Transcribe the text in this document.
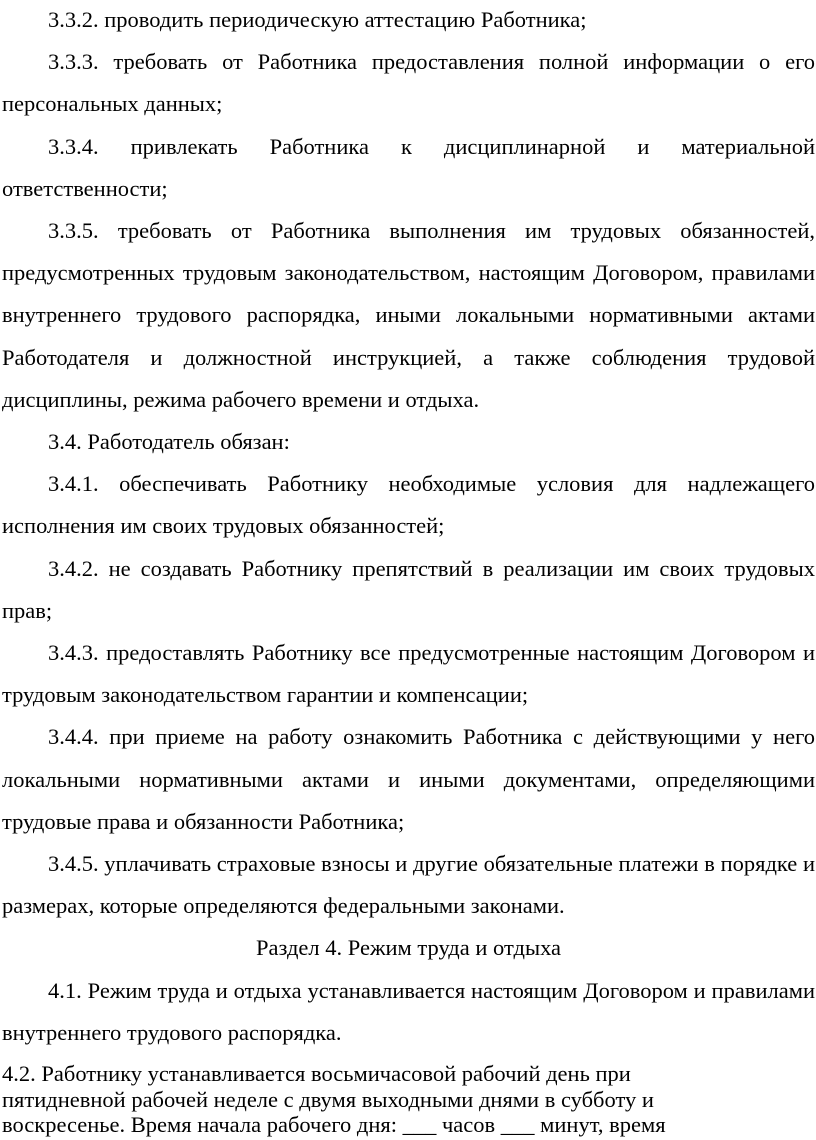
3.3.2. проводить периодическую аттестацию Работника;

3.3.3. требовать от Работника предоставления полной информации о его персональных данных;

3.3.4. привлекать Работника к дисциплинарной и материальной ответственности;

3.3.5. требовать от Работника выполнения им трудовых обязанностей, предусмотренных трудовым законодательством, настоящим Договором, правилами внутреннего трудового распорядка, иными локальными нормативными актами Работодателя и должностной инструкцией, а также соблюдения трудовой дисциплины, режима рабочего времени и отдыха.

3.4. Работодатель обязан:

3.4.1. обеспечивать Работнику необходимые условия для надлежащего исполнения им своих трудовых обязанностей;

3.4.2. не создавать Работнику препятствий в реализации им своих трудовых прав;

3.4.3. предоставлять Работнику все предусмотренные настоящим Договором и трудовым законодательством гарантии и компенсации;

3.4.4. при приеме на работу ознакомить Работника с действующими у него локальными нормативными актами и иными документами, определяющими трудовые права и обязанности Работника;

3.4.5. уплачивать страховые взносы и другие обязательные платежи в порядке и размерах, которые определяются федеральными законами.

Раздел 4. Режим труда и отдыха

4.1. Режим труда и отдыха устанавливается настоящим Договором и правилами внутреннего трудового распорядка.

4.2. Работнику устанавливается восьмичасовой рабочий день при
пятидневной рабочей неделе с двумя выходными днями в субботу и
воскресенье. Время начала рабочего дня: ___ часов ___ минут, время
